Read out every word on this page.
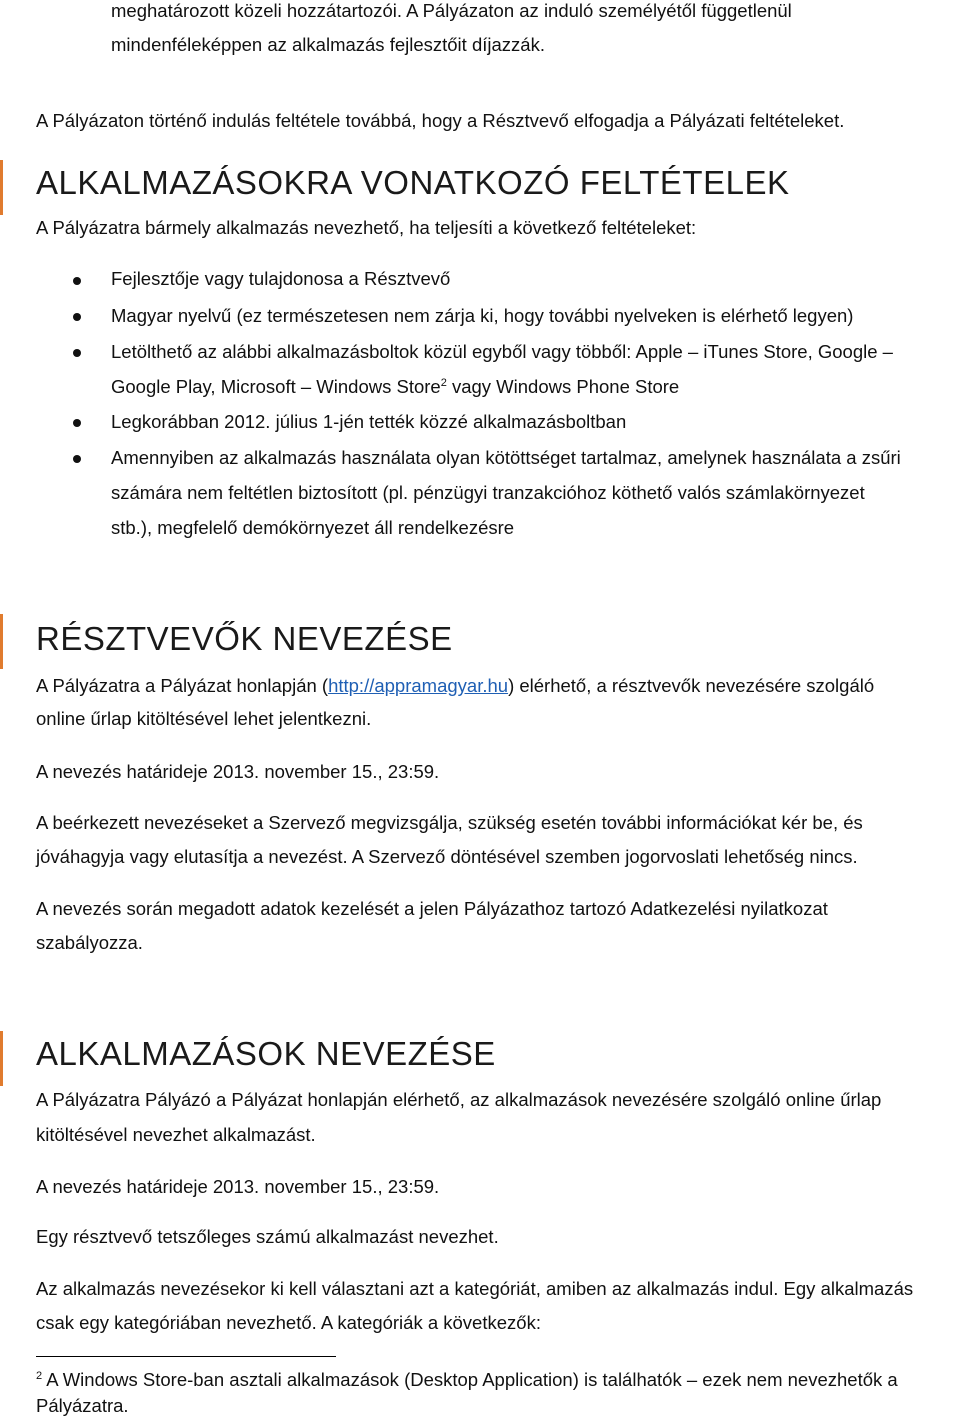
meghatározott közeli hozzátartozói. A Pályázaton az induló személyétől függetlenül
mindenféleképpen az alkalmazás fejlesztőit díjazzák.
A Pályázaton történő indulás feltétele továbbá, hogy a Résztvevő elfogadja a Pályázati feltételeket.
ALKALMAZÁSOKRA VONATKOZÓ FELTÉTELEK
A Pályázatra bármely alkalmazás nevezhető, ha teljesíti a következő feltételeket:
Fejlesztője vagy tulajdonosa a Résztvevő
Magyar nyelvű (ez természetesen nem zárja ki, hogy további nyelveken is elérhető legyen)
Letölthető az alábbi alkalmazásboltok közül egyből vagy többől: Apple – iTunes Store, Google –
Google Play, Microsoft – Windows Store$^2$ vagy Windows Phone Store
Legkorábban 2012. július 1-jén tették közzé alkalmazásboltban
Amennyiben az alkalmazás használata olyan kötöttséget tartalmaz, amelynek használata a zsűri
számára nem feltétlen biztosított (pl. pénzügyi tranzakcióhoz köthető valós számlakörnyezet
stb.), megfelelő demókörnyezet áll rendelkezésre
RÉSZTVEVŐK NEVEZÉSE
A Pályázatra a Pályázat honlapján (http://appramagyar.hu) elérhető, a résztvevők nevezésére szolgáló
online űrlap kitöltésével lehet jelentkezni.
A nevezés határideje 2013. november 15., 23:59.
A beérkezett nevezéseket a Szervező megvizsgálja, szükség esetén további információkat kér be, és
jóváhagyja vagy elutasítja a nevezést. A Szervező döntésével szemben jogorvoslati lehetőség nincs.
A nevezés során megadott adatok kezelését a jelen Pályázathoz tartozó Adatkezelési nyilatkozat
szabályozza.
ALKALMAZÁSOK NEVEZÉSE
A Pályázatra Pályázó a Pályázat honlapján elérhető, az alkalmazások nevezésére szolgáló online űrlap
kitöltésével nevezhet alkalmazást.
A nevezés határideje 2013. november 15., 23:59.
Egy résztvevő tetszőleges számú alkalmazást nevezhet.
Az alkalmazás nevezésekor ki kell választani azt a kategóriát, amiben az alkalmazás indul. Egy alkalmazás
csak egy kategóriában nevezhető. A kategóriák a következők:
$^2$ A Windows Store-ban asztali alkalmazások (Desktop Application) is találhatók – ezek nem nevezhetők a
Pályázatra.
